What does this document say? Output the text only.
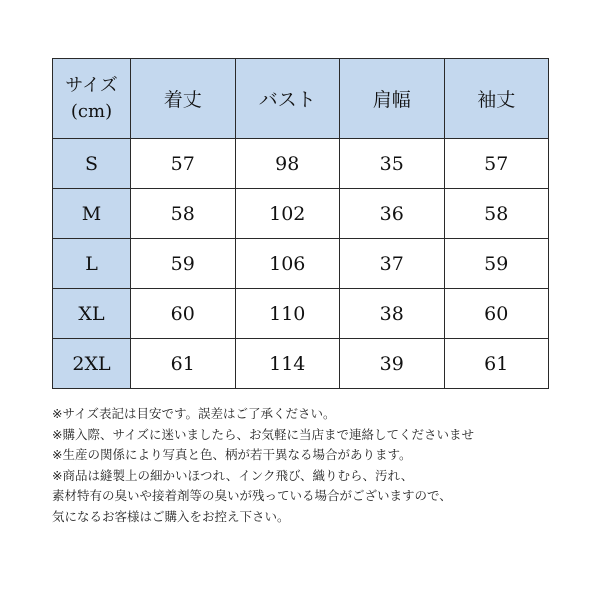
サイズ
(cm)	着丈	バスト	肩幅	袖丈
S	57	98	35	57
M	58	102	36	58
L	59	106	37	59
XL	60	110	38	60
2XL	61	114	39	61
※サイズ表記は目安です。誤差はご了承ください。
※購入際、サイズに迷いましたら、お気軽に当店まで連絡してくださいませ
※生産の関係により写真と色、柄が若干異なる場合があります。
※商品は縫製上の細かいほつれ、インク飛び、織りむら、汚れ、
素材特有の臭いや接着剤等の臭いが残っている場合がございますので、
気になるお客様はご購入をお控え下さい。
